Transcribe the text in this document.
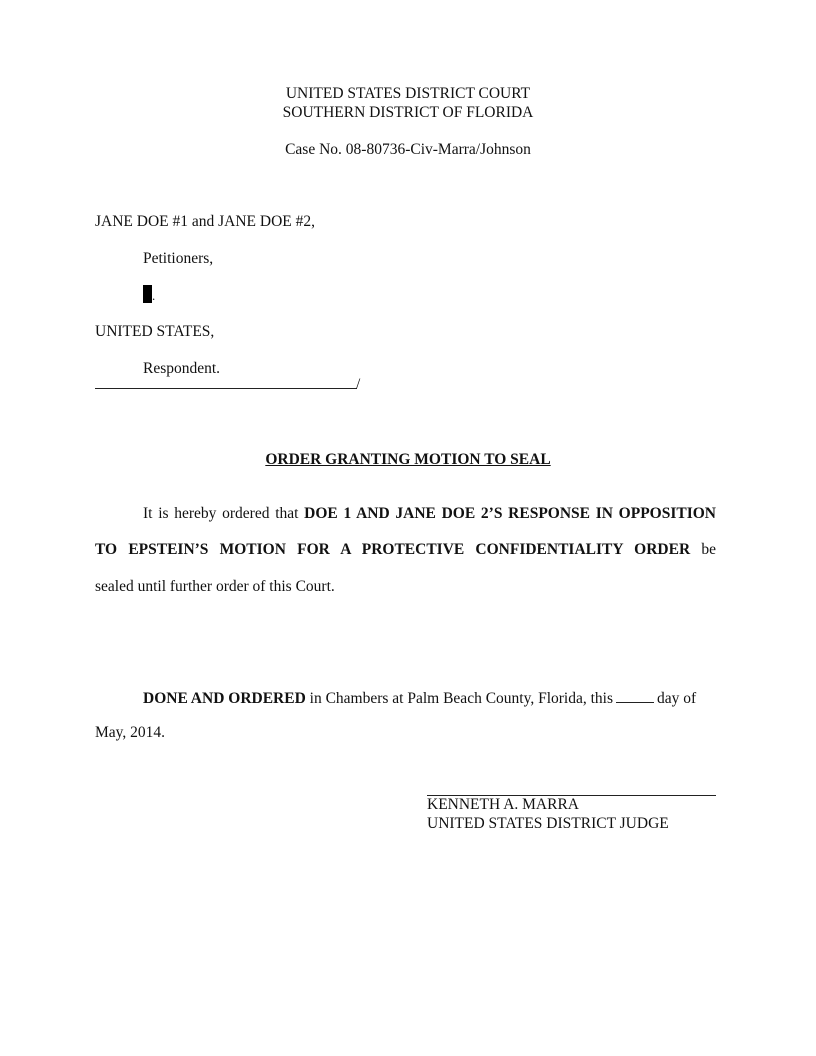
UNITED STATES DISTRICT COURT
SOUTHERN DISTRICT OF FLORIDA
Case No. 08-80736-Civ-Marra/Johnson
JANE DOE #1 and JANE DOE #2,
Petitioners,
.
UNITED STATES,
Respondent.
/
ORDER GRANTING MOTION TO SEAL
It is hereby ordered that DOE 1 AND JANE DOE 2’S RESPONSE IN OPPOSITION
TO EPSTEIN’S MOTION FOR A PROTECTIVE CONFIDENTIALITY ORDER be
sealed until further order of this Court.
DONE AND ORDERED in Chambers at Palm Beach County, Florida, this	day of
May, 2014.
KENNETH A. MARRA
UNITED STATES DISTRICT JUDGE
